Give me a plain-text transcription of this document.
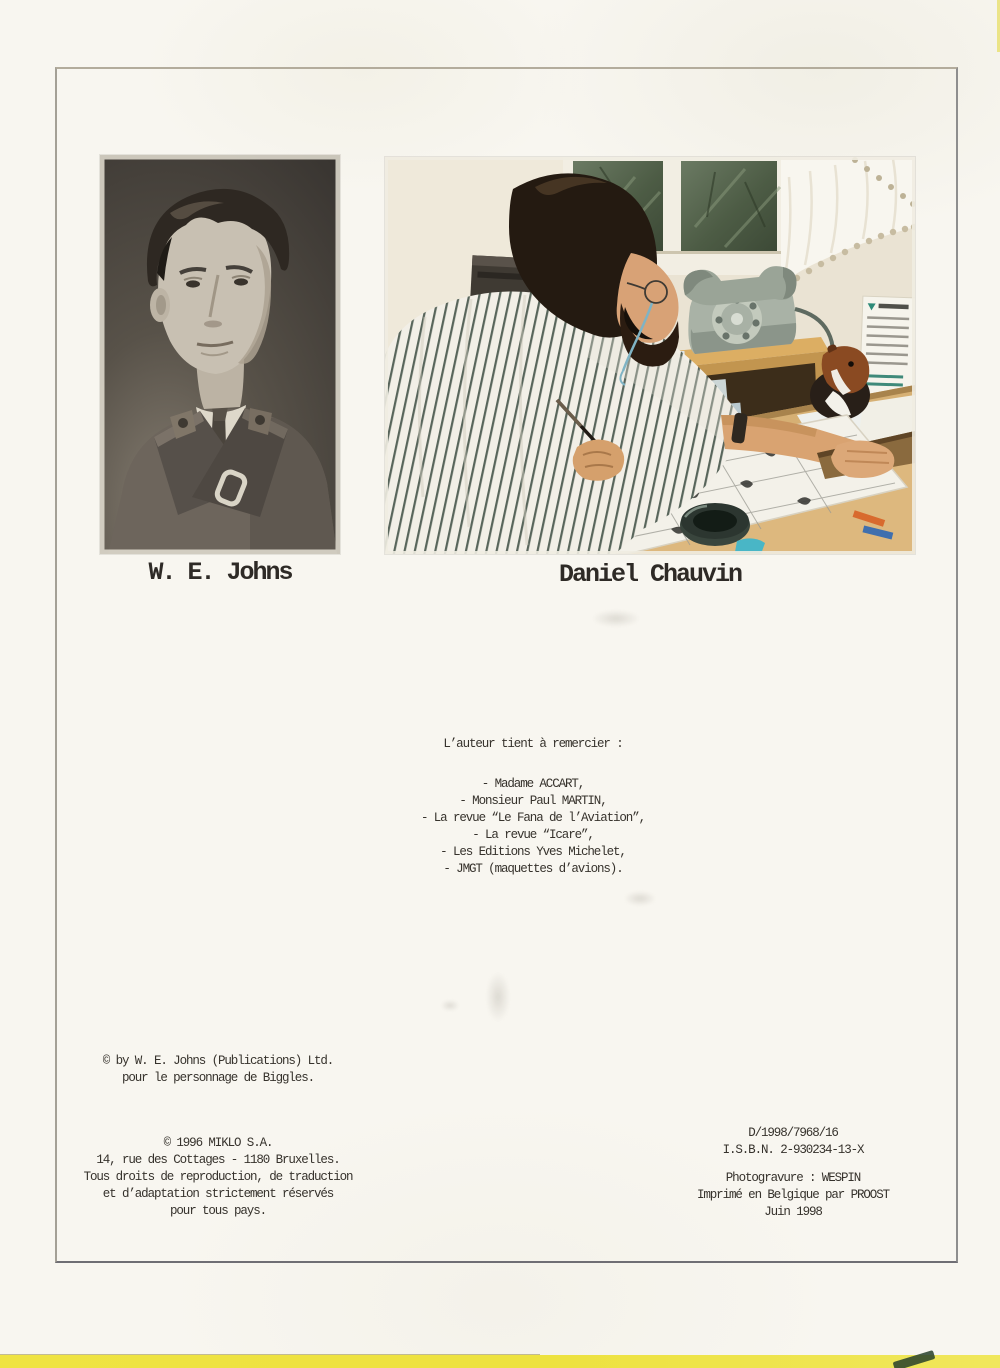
W. E. Johns	Daniel Chauvin
L’auteur tient à remercier :
- Madame ACCART,
- Monsieur Paul MARTIN,
- La revue “Le Fana de l’Aviation”,
- La revue “Icare”,
- Les Editions Yves Michelet,
- JMGT (maquettes d’avions).
© by W. E. Johns (Publications) Ltd.
pour le personnage de Biggles.
© 1996 MIKLO S.A.
14, rue des Cottages - 1180 Bruxelles.
Tous droits de reproduction, de traduction
et d’adaptation strictement réservés
pour tous pays.
D/1998/7968/16
I.S.B.N. 2-930234-13-X
Photogravure : WESPIN
Imprimé en Belgique par PROOST
Juin 1998
